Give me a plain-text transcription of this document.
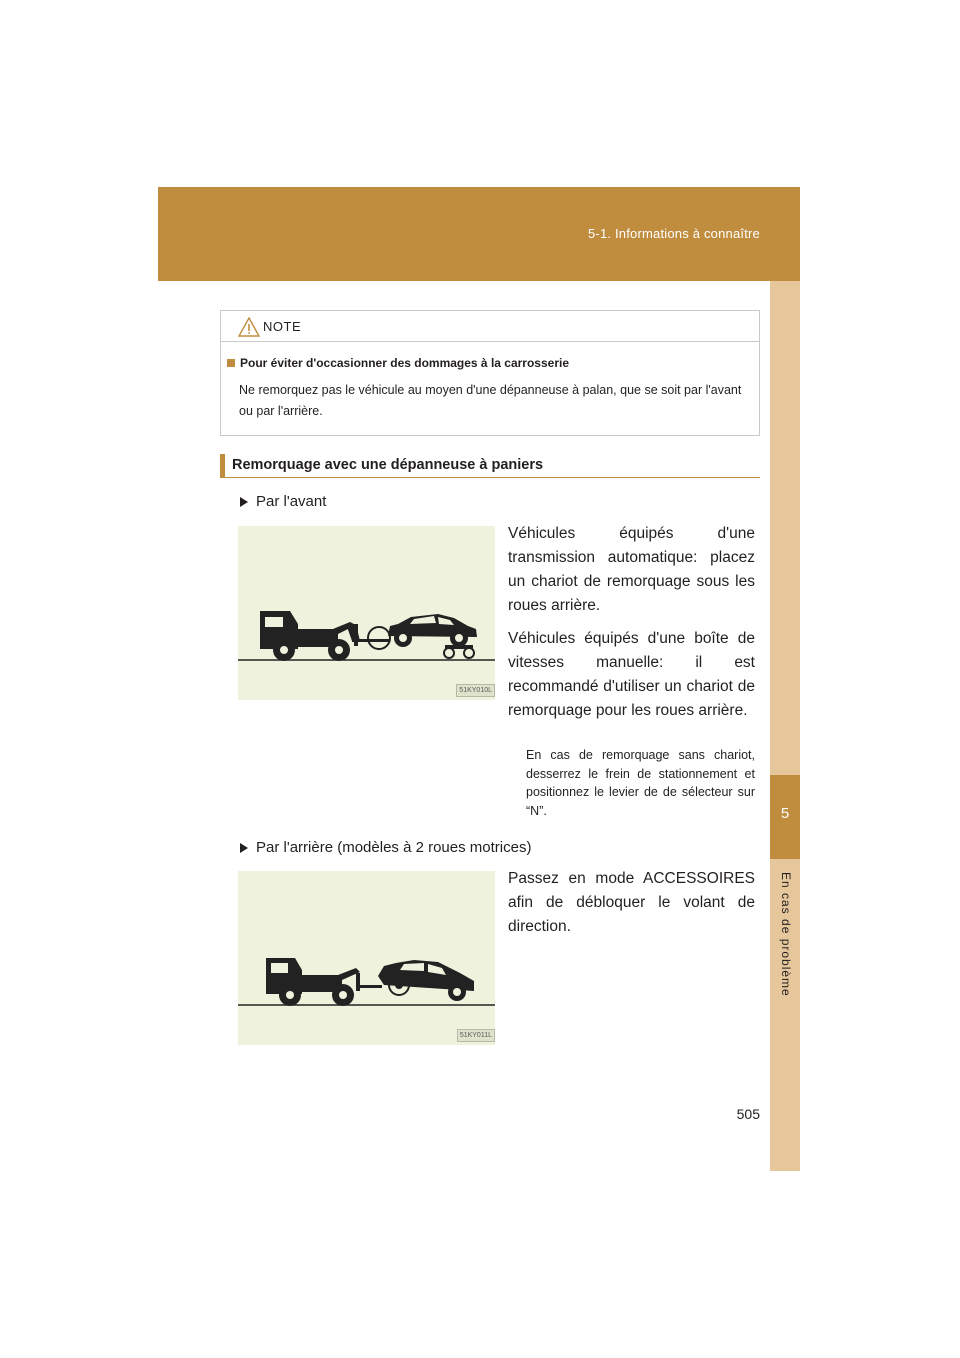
5-1. Informations à connaître
5
En cas de problème
NOTE
Pour éviter d'occasionner des dommages à la carrosserie
Ne remorquez pas le véhicule au moyen d'une dépanneuse à palan, que se soit par l'avant ou par l'arrière.
Remorquage avec une dépanneuse à paniers
Par l'avant
51KY010L

Véhicules équipés d'une transmission automatique: placez un chariot de remorquage sous les roues arrière.

Véhicules équipés d'une boîte de vitesses manuelle: il est recommandé d'utiliser un chariot de remorquage pour les roues arrière.

En cas de remorquage sans chariot, desserrez le frein de stationnement et positionnez le levier de de sélecteur sur “N”.
Par l'arrière (modèles à 2 roues motrices)
51KY011L

Passez en mode ACCESSOIRES afin de débloquer le volant de direction.

505
